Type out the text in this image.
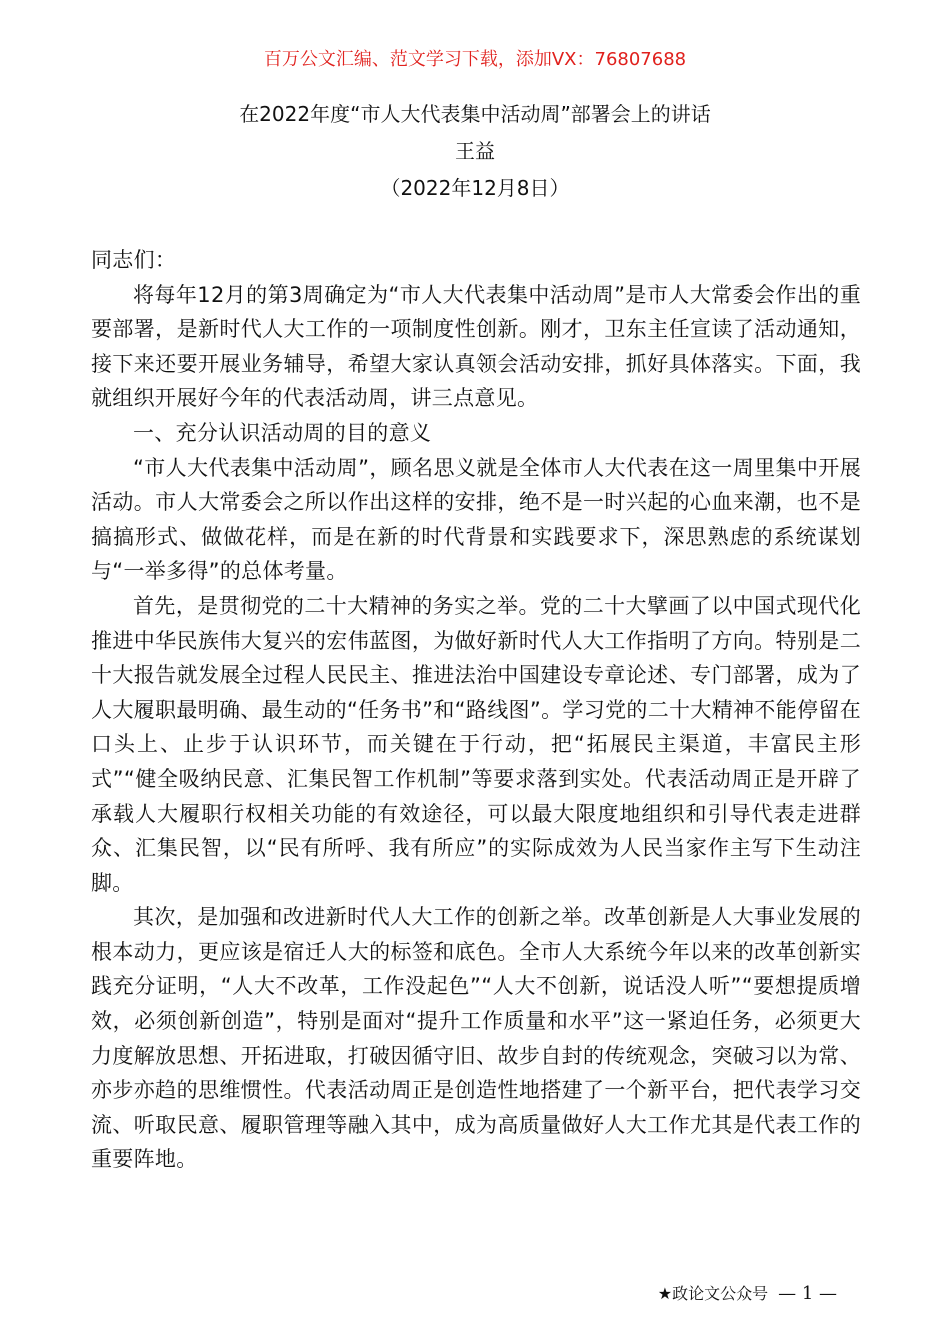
百万公文汇编、范文学习下载，添加VX：76807688
在2022年度“市人大代表集中活动周”部署会上的讲话
王益
（2022年12月8日）

同志们：

将每年12月的第3周确定为“市人大代表集中活动周”是市人大常委会作出的重要部署，是新时代人大工作的一项制度性创新。刚才，卫东主任宣读了活动通知，接下来还要开展业务辅导，希望大家认真领会活动安排，抓好具体落实。下面，我就组织开展好今年的代表活动周，讲三点意见。

一、充分认识活动周的目的意义

“市人大代表集中活动周”，顾名思义就是全体市人大代表在这一周里集中开展活动。市人大常委会之所以作出这样的安排，绝不是一时兴起的心血来潮，也不是搞搞形式、做做花样，而是在新的时代背景和实践要求下，深思熟虑的系统谋划与“一举多得”的总体考量。

首先，是贯彻党的二十大精神的务实之举。党的二十大擘画了以中国式现代化推进中华民族伟大复兴的宏伟蓝图，为做好新时代人大工作指明了方向。特别是二十大报告就发展全过程人民民主、推进法治中国建设专章论述、专门部署，成为了人大履职最明确、最生动的“任务书”和“路线图”。学习党的二十大精神不能停留在口头上、止步于认识环节，而关键在于行动，把“拓展民主渠道，丰富民主形式”“健全吸纳民意、汇集民智工作机制”等要求落到实处。代表活动周正是开辟了承载人大履职行权相关功能的有效途径，可以最大限度地组织和引导代表走进群众、汇集民智，以“民有所呼、我有所应”的实际成效为人民当家作主写下生动注脚。

其次，是加强和改进新时代人大工作的创新之举。改革创新是人大事业发展的根本动力，更应该是宿迁人大的标签和底色。全市人大系统今年以来的改革创新实践充分证明，“人大不改革，工作没起色”“人大不创新，说话没人听”“要想提质增效，必须创新创造”，特别是面对“提升工作质量和水平”这一紧迫任务，必须更大力度解放思想、开拓进取，打破因循守旧、故步自封的传统观念，突破习以为常、亦步亦趋的思维惯性。代表活动周正是创造性地搭建了一个新平台，把代表学习交流、听取民意、履职管理等融入其中，成为高质量做好人大工作尤其是代表工作的重要阵地。

★政论文公众号 — 1 —
